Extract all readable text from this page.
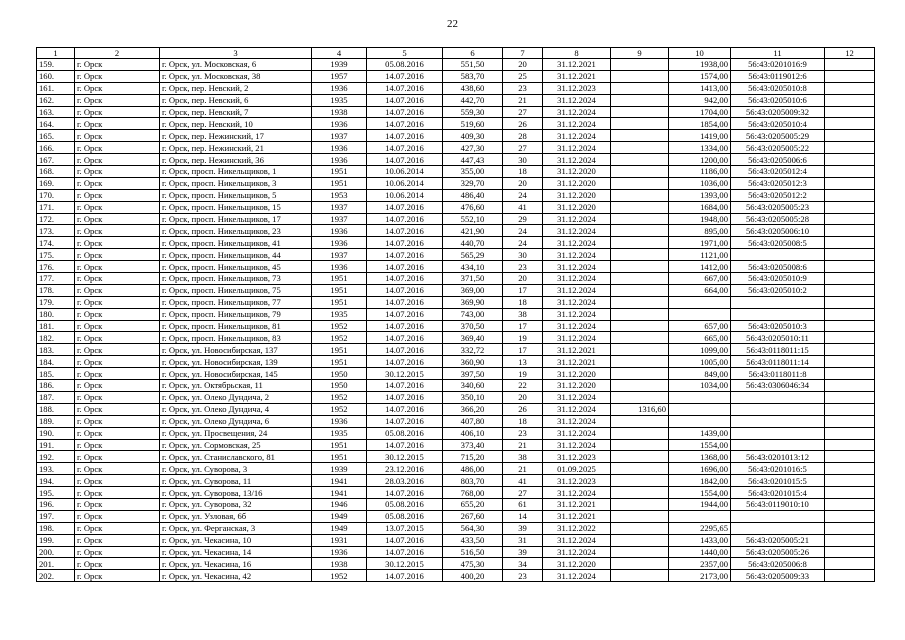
22
1	2	3	4	5	6	7	8	9	10	11	12
159.	г. Орск	г. Орск, ул. Московская, 6	1939	05.08.2016	551,50	20	31.12.2021		1938,00	56:43:0201016:9	
160.	г. Орск	г. Орск, ул. Московская, 38	1957	14.07.2016	583,70	25	31.12.2021		1574,00	56:43:0119012:6	
161.	г. Орск	г. Орск, пер. Невский, 2	1936	14.07.2016	438,60	23	31.12.2023		1413,00	56:43:0205010:8	
162.	г. Орск	г. Орск, пер. Невский, 6	1935	14.07.2016	442,70	21	31.12.2024		942,00	56:43:0205010:6	
163.	г. Орск	г. Орск, пер. Невский, 7	1938	14.07.2016	559,30	27	31.12.2024		1704,00	56:43:0205009:32	
164.	г. Орск	г. Орск, пер. Невский, 10	1936	14.07.2016	519,60	26	31.12.2024		1854,00	56:43:0205010:4	
165.	г. Орск	г. Орск, пер. Нежинский, 17	1937	14.07.2016	409,30	28	31.12.2024		1419,00	56:43:0205005:29	
166.	г. Орск	г. Орск, пер. Нежинский, 21	1936	14.07.2016	427,30	27	31.12.2024		1334,00	56:43:0205005:22	
167.	г. Орск	г. Орск, пер. Нежинский, 36	1936	14.07.2016	447,43	30	31.12.2024		1200,00	56:43:0205006:6	
168.	г. Орск	г. Орск, просп. Никельщиков, 1	1951	10.06.2014	355,00	18	31.12.2020		1186,00	56:43:0205012:4	
169.	г. Орск	г. Орск, просп. Никельщиков, 3	1951	10.06.2014	329,70	20	31.12.2020		1036,00	56:43:0205012:3	
170.	г. Орск	г. Орск, просп. Никельщиков, 5	1953	10.06.2014	486,40	24	31.12.2020		1393,00	56:43:0205012:2	
171.	г. Орск	г. Орск, просп. Никельщиков, 15	1937	14.07.2016	476,60	41	31.12.2020		1684,00	56:43:0205005:23	
172.	г. Орск	г. Орск, просп. Никельщиков, 17	1937	14.07.2016	552,10	29	31.12.2024		1948,00	56:43:0205005:28	
173.	г. Орск	г. Орск, просп. Никельщиков, 23	1936	14.07.2016	421,90	24	31.12.2024		895,00	56:43:0205006:10	
174.	г. Орск	г. Орск, просп. Никельщиков, 41	1936	14.07.2016	440,70	24	31.12.2024		1971,00	56:43:0205008:5	
175.	г. Орск	г. Орск, просп. Никельщиков, 44	1937	14.07.2016	565,29	30	31.12.2024		1121,00		
176.	г. Орск	г. Орск, просп. Никельщиков, 45	1936	14.07.2016	434,10	23	31.12.2024		1412,00	56:43:0205008:6	
177.	г. Орск	г. Орск, просп. Никельщиков, 73	1951	14.07.2016	371,50	20	31.12.2024		667,00	56:43:0205010:9	
178.	г. Орск	г. Орск, просп. Никельщиков, 75	1951	14.07.2016	369,00	17	31.12.2024		664,00	56:43:0205010:2	
179.	г. Орск	г. Орск, просп. Никельщиков, 77	1951	14.07.2016	369,90	18	31.12.2024				
180.	г. Орск	г. Орск, просп. Никельщиков, 79	1935	14.07.2016	743,00	38	31.12.2024				
181.	г. Орск	г. Орск, просп. Никельщиков, 81	1952	14.07.2016	370,50	17	31.12.2024		657,00	56:43:0205010:3	
182.	г. Орск	г. Орск, просп. Никельщиков, 83	1952	14.07.2016	369,40	19	31.12.2024		665,00	56:43:0205010:11	
183.	г. Орск	г. Орск, ул. Новосибирская, 137	1951	14.07.2016	332,72	17	31.12.2021		1099,00	56:43:0118011:15	
184.	г. Орск	г. Орск, ул. Новосибирская, 139	1951	14.07.2016	360,90	13	31.12.2021		1005,00	56:43:0118011:14	
185.	г. Орск	г. Орск, ул. Новосибирская, 145	1950	30.12.2015	397,50	19	31.12.2020		849,00	56:43:0118011:8	
186.	г. Орск	г. Орск, ул. Октябрьская, 11	1950	14.07.2016	340,60	22	31.12.2020		1034,00	56:43:0306046:34	
187.	г. Орск	г. Орск, ул. Олеко Дундича, 2	1952	14.07.2016	350,10	20	31.12.2024				
188.	г. Орск	г. Орск, ул. Олеко Дундича, 4	1952	14.07.2016	366,20	26	31.12.2024	1316,60			
189.	г. Орск	г. Орск, ул. Олеко Дундича, 6	1936	14.07.2016	407,80	18	31.12.2024				
190.	г. Орск	г. Орск, ул. Просвещения, 24	1935	05.08.2016	406,10	23	31.12.2024		1439,00		
191.	г. Орск	г. Орск, ул. Сормовская, 25	1951	14.07.2016	373,40	21	31.12.2024		1554,00		
192.	г. Орск	г. Орск, ул. Станиславского, 81	1951	30.12.2015	715,20	38	31.12.2023		1368,00	56:43:0201013:12	
193.	г. Орск	г. Орск, ул. Суворова, 3	1939	23.12.2016	486,00	21	01.09.2025		1696,00	56:43:0201016:5	
194.	г. Орск	г. Орск, ул. Суворова, 11	1941	28.03.2016	803,70	41	31.12.2023		1842,00	56:43:0201015:5	
195.	г. Орск	г. Орск, ул. Суворова, 13/16	1941	14.07.2016	768,00	27	31.12.2024		1554,00	56:43:0201015:4	
196.	г. Орск	г. Орск, ул. Суворова, 32	1946	05.08.2016	655,20	61	31.12.2021		1944,00	56:43:0119010:10	
197.	г. Орск	г. Орск, ул. Узловая, 6б	1949	05.08.2016	267,60	14	31.12.2021				
198.	г. Орск	г. Орск, ул. Ферганская, 3	1949	13.07.2015	564,30	39	31.12.2022		2295,65		
199.	г. Орск	г. Орск, ул. Чекасина, 10	1931	14.07.2016	433,50	31	31.12.2024		1433,00	56:43:0205005:21	
200.	г. Орск	г. Орск, ул. Чекасина, 14	1936	14.07.2016	516,50	39	31.12.2024		1440,00	56:43:0205005:26	
201.	г. Орск	г. Орск, ул. Чекасина, 16	1938	30.12.2015	475,30	34	31.12.2020		2357,00	56:43:0205006:8	
202.	г. Орск	г. Орск, ул. Чекасина, 42	1952	14.07.2016	400,20	23	31.12.2024		2173,00	56:43:0205009:33	
